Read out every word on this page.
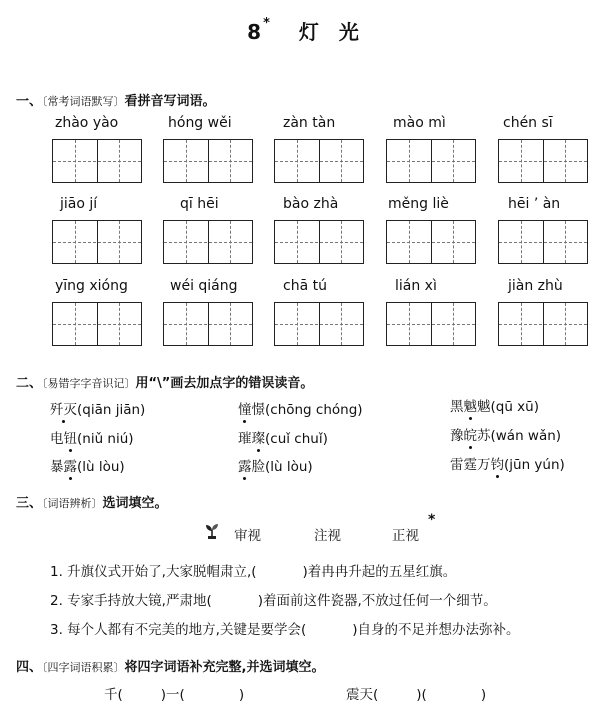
8* 灯 光
一、〔常考词语默写〕看拼音写词语。
zhào yào	hóng wěi	zàn tàn	mào mì	chén sī
jiāo jí	qī hēi	bào zhà	měng liè	hēi ’ àn
yīng xióng	wéi qiáng	chā tú	lián xì	jiàn zhù
二、〔易错字字音识记〕用“\”画去加点字的错误读音。
歼灭(qiān jiān)	憧憬(chōng chóng)	黑魆魆(qū xū)
电钮(niǔ niú)	璀璨(cuǐ chuǐ)	豫皖苏(wán wǎn)
暴露(lù lòu)	露脸(lù lòu)	雷霆万钧(jūn yún)
三、〔词语辨析〕选词填空。
审视	注视	正视
*
1. 升旗仪式开始了,大家脱帽肃立,(	)着冉冉升起的五星红旗。
2. 专家手持放大镜,严肃地(	)着面前这件瓷器,不放过任何一个细节。
3. 每个人都有不完美的地方,关键是要学会(	)自身的不足并想办法弥补。
四、〔四字词语积累〕将四字词语补充完整,并选词填空。
千(	)一(	)	震天(	)(	)
